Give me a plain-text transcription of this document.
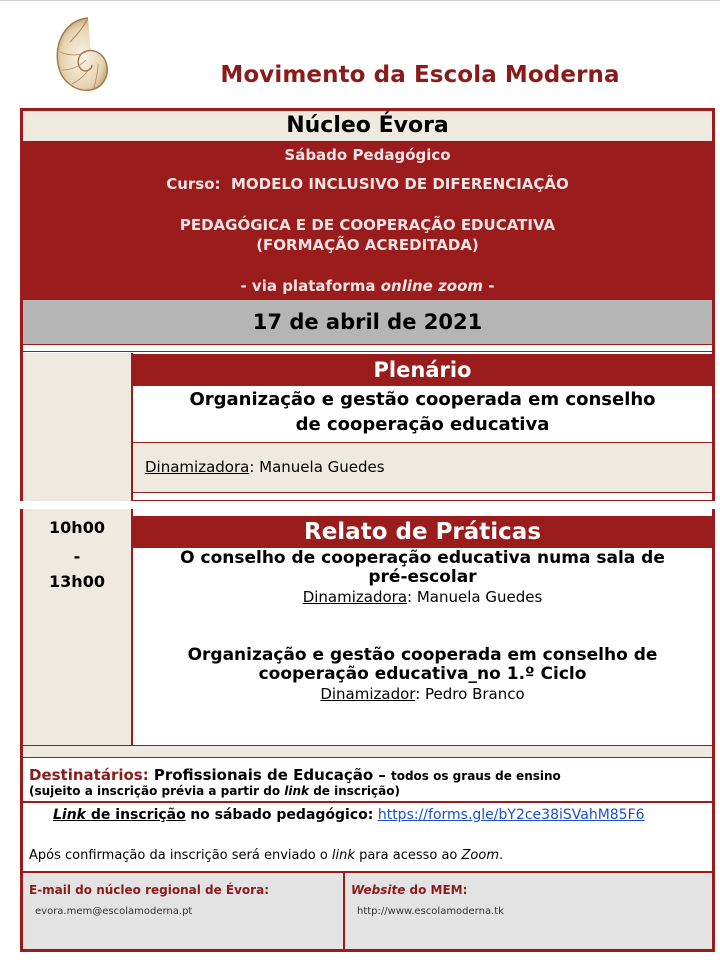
Movimento da Escola Moderna
Núcleo Évora
Sábado Pedagógico
Curso: MODELO INCLUSIVO DE DIFERENCIAÇÃO
PEDAGÓGICA E DE COOPERAÇÃO EDUCATIVA
(FORMAÇÃO ACREDITADA)
- via plataforma online zoom -
17 de abril de 2021
Plenário
Organização e gestão cooperada em conselho
de cooperação educativa
Dinamizadora: Manuela Guedes
10h00
-
13h00
Relato de Práticas
O conselho de cooperação educativa numa sala de
pré-escolar
Dinamizadora: Manuela Guedes
Organização e gestão cooperada em conselho de
cooperação educativa_no 1.º Ciclo
Dinamizador: Pedro Branco
Destinatários: Profissionais de Educação – todos os graus de ensino
(sujeito a inscrição prévia a partir do link de inscrição)
Link de inscrição no sábado pedagógico: https://forms.gle/bY2ce38iSVahM85F6
Após confirmação da inscrição será enviado o link para acesso ao Zoom.
E-mail do núcleo regional de Évora:
evora.mem@escolamoderna.pt
Website do MEM:
http://www.escolamoderna.tk
